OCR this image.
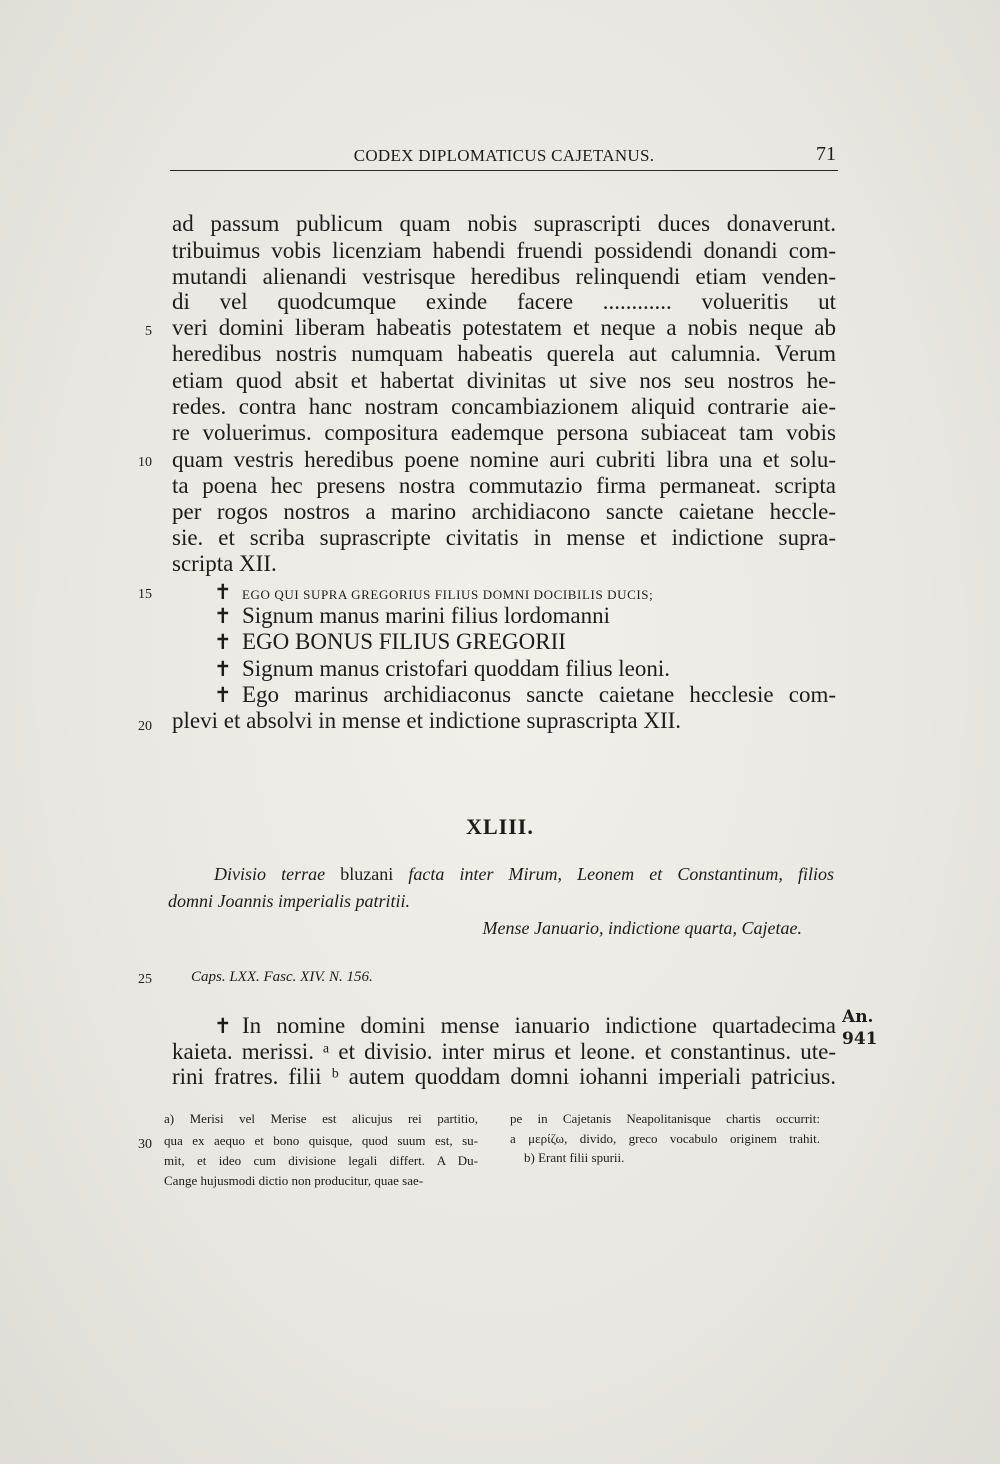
CODEX DIPLOMATICUS CAJETANUS.	71
ad passum publicum quam nobis suprascripti duces donaverunt.
tribuimus vobis licenziam habendi fruendi possidendi donandi com-
mutandi alienandi vestrisque heredibus relinquendi etiam venden-
di vel quodcumque exinde facere ............ volueritis ut
veri domini liberam habeatis potestatem et neque a nobis neque ab
heredibus nostris numquam habeatis querela aut calumnia. Verum
etiam quod absit et habertat divinitas ut sive nos seu nostros he-
redes. contra hanc nostram concambiazionem aliquid contrarie aie-
re voluerimus. compositura eademque persona subiaceat tam vobis
quam vestris heredibus poene nomine auri cubriti libra una et solu-
ta poena hec presens nostra commutazio firma permaneat. scripta
per rogos nostros a marino archidiacono sancte caietane hecclе-
sie. et scriba suprascripte civitatis in mense et indictione supra-
scripta XII.
5
10
15
20
25
30
✝ EGO QUI SUPRA GREGORIUS FILIUS DOMNI DOCIBILIS DUCIS;
✝ Signum manus marini filius lordomanni
✝ EGO BONUS FILIUS GREGORII
✝ Signum manus cristofari quoddam filius leoni.
✝ Ego marinus archidiaconus sancte caietane hecclesie com-
plevi et absolvi in mense et indictione suprascripta XII.
XLIII.
Divisio terrae bluzani facta inter Mirum, Leonem et Constantinum, filios
domni Joannis imperialis patritii.
Mense Januario, indictione quarta, Cajetae.
Caps. LXX. Fasc. XIV. N. 156.
✝ In nomine domini mense ianuario indictione quartadecima
kaieta. merissi. ᵃ et divisio. inter mirus et leone. et constantinus. ute-
rini fratres. filii ᵇ autem quoddam domni iohanni imperiali patricius.
An.
941
a) Merisi vel Merise est alicujus rei partitio,
qua ex aequo et bono quisque, quod suum est, su-
mit, et ideo cum divisione legali differt. A Du-
Cange hujusmodi dictio non producitur, quae sae-
pe in Cajetanis Neapolitanisque chartis occurrit:
a μερίζω, divido, greco vocabulo originem trahit.
b) Erant filii spurii.
